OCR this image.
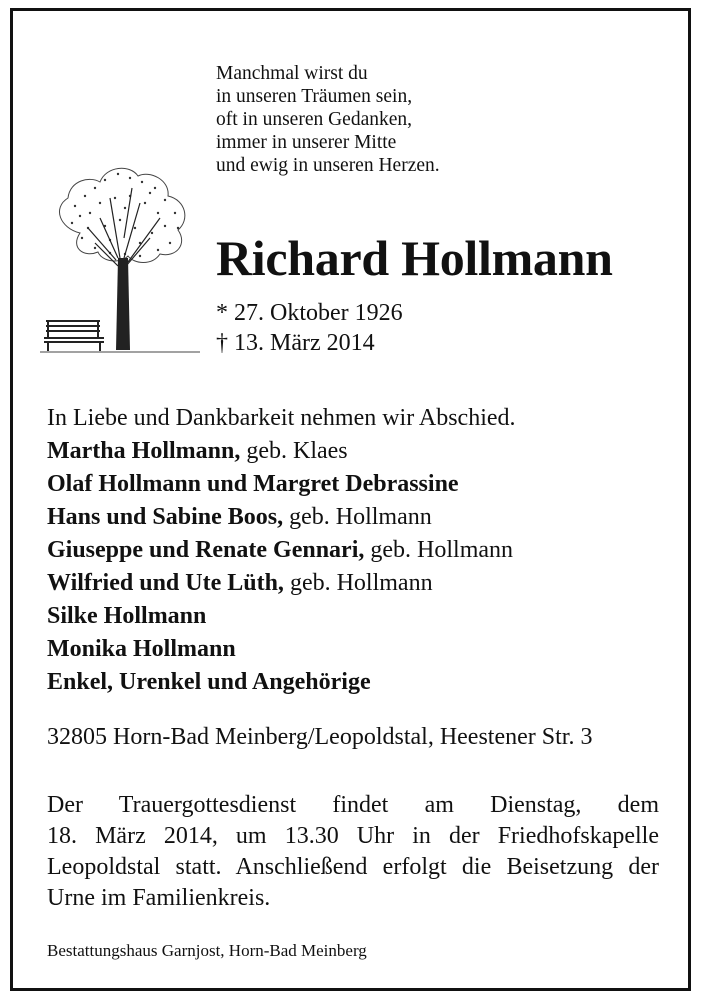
Manchmal wirst du
in unseren Träumen sein,
oft in unseren Gedanken,
immer in unserer Mitte
und ewig in unseren Herzen.
Richard Hollmann
* 27. Oktober 1926
† 13. März 2014
In Liebe und Dankbarkeit nehmen wir Abschied.
Martha Hollmann, geb. Klaes
Olaf Hollmann und Margret Debrassine
Hans und Sabine Boos, geb. Hollmann
Giuseppe und Renate Gennari, geb. Hollmann
Wilfried und Ute Lüth, geb. Hollmann
Silke Hollmann
Monika Hollmann
Enkel, Urenkel und Angehörige
32805 Horn-Bad Meinberg/Leopoldstal, Heestener Str. 3
Der Trauergottesdienst findet am Dienstag, dem
18. März 2014, um 13.30 Uhr in der Friedhofskapelle
Leopoldstal statt. Anschließend erfolgt die Beisetzung der
Urne im Familienkreis.
Bestattungshaus Garnjost, Horn-Bad Meinberg
